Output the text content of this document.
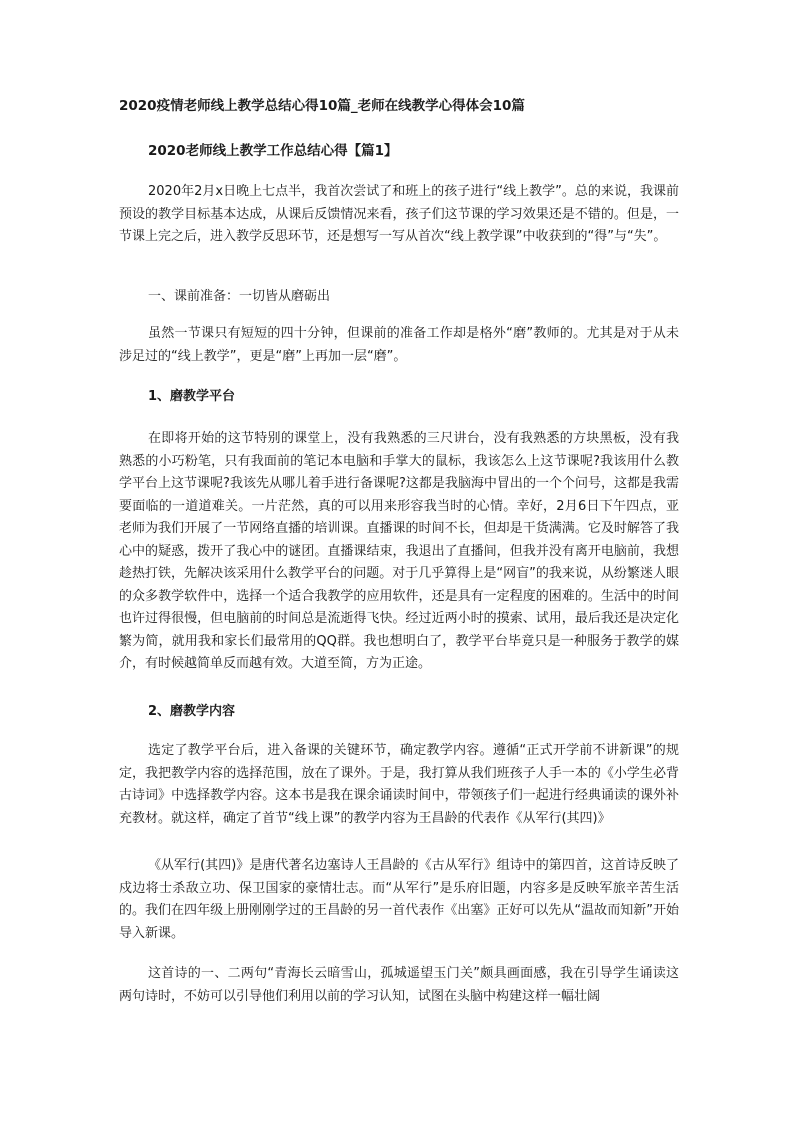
2020疫情老师线上教学总结心得10篇_老师在线教学心得体会10篇
2020老师线上教学工作总结心得【篇1】

2020年2月x日晚上七点半，我首次尝试了和班上的孩子进行“线上教学”。总的来说，我课前预设的教学目标基本达成，从课后反馈情况来看，孩子们这节课的学习效果还是不错的。但是，一节课上完之后，进入教学反思环节，还是想写一写从首次“线上教学课”中收获到的“得”与“失”。

一、课前准备：一切皆从磨砺出

虽然一节课只有短短的四十分钟，但课前的准备工作却是格外“磨”教师的。尤其是对于从未涉足过的“线上教学”，更是“磨”上再加一层“磨”。

1、磨教学平台

在即将开始的这节特别的课堂上，没有我熟悉的三尺讲台，没有我熟悉的方块黑板，没有我熟悉的小巧粉笔，只有我面前的笔记本电脑和手掌大的鼠标，我该怎么上这节课呢?我该用什么教学平台上这节课呢?我该先从哪儿着手进行备课呢?这都是我脑海中冒出的一个个问号，这都是我需要面临的一道道难关。一片茫然，真的可以用来形容我当时的心情。幸好，2月6日下午四点，亚老师为我们开展了一节网络直播的培训课。直播课的时间不长，但却是干货满满。它及时解答了我心中的疑惑，拨开了我心中的谜团。直播课结束，我退出了直播间，但我并没有离开电脑前，我想趁热打铁，先解决该采用什么教学平台的问题。对于几乎算得上是“网盲”的我来说，从纷繁迷人眼的众多教学软件中，选择一个适合我教学的应用软件，还是具有一定程度的困难的。生活中的时间也许过得很慢，但电脑前的时间总是流逝得飞快。经过近两小时的摸索、试用，最后我还是决定化繁为简，就用我和家长们最常用的QQ群。我也想明白了，教学平台毕竟只是一种服务于教学的媒介，有时候越简单反而越有效。大道至简，方为正途。

2、磨教学内容

选定了教学平台后，进入备课的关键环节，确定教学内容。遵循“正式开学前不讲新课”的规定，我把教学内容的选择范围，放在了课外。于是，我打算从我们班孩子人手一本的《小学生必背古诗词》中选择教学内容。这本书是我在课余诵读时间中，带领孩子们一起进行经典诵读的课外补充教材。就这样，确定了首节“线上课”的教学内容为王昌龄的代表作《从军行(其四)》

《从军行(其四)》是唐代著名边塞诗人王昌龄的《古从军行》组诗中的第四首，这首诗反映了戍边将士杀敌立功、保卫国家的豪情壮志。而“从军行”是乐府旧题，内容多是反映军旅辛苦生活的。我们在四年级上册刚刚学过的王昌龄的另一首代表作《出塞》正好可以先从“温故而知新”开始导入新课。

这首诗的一、二两句“青海长云暗雪山，孤城遥望玉门关”颇具画面感，我在引导学生诵读这两句诗时，不妨可以引导他们利用以前的学习认知，试图在头脑中构建这样一幅壮阔
